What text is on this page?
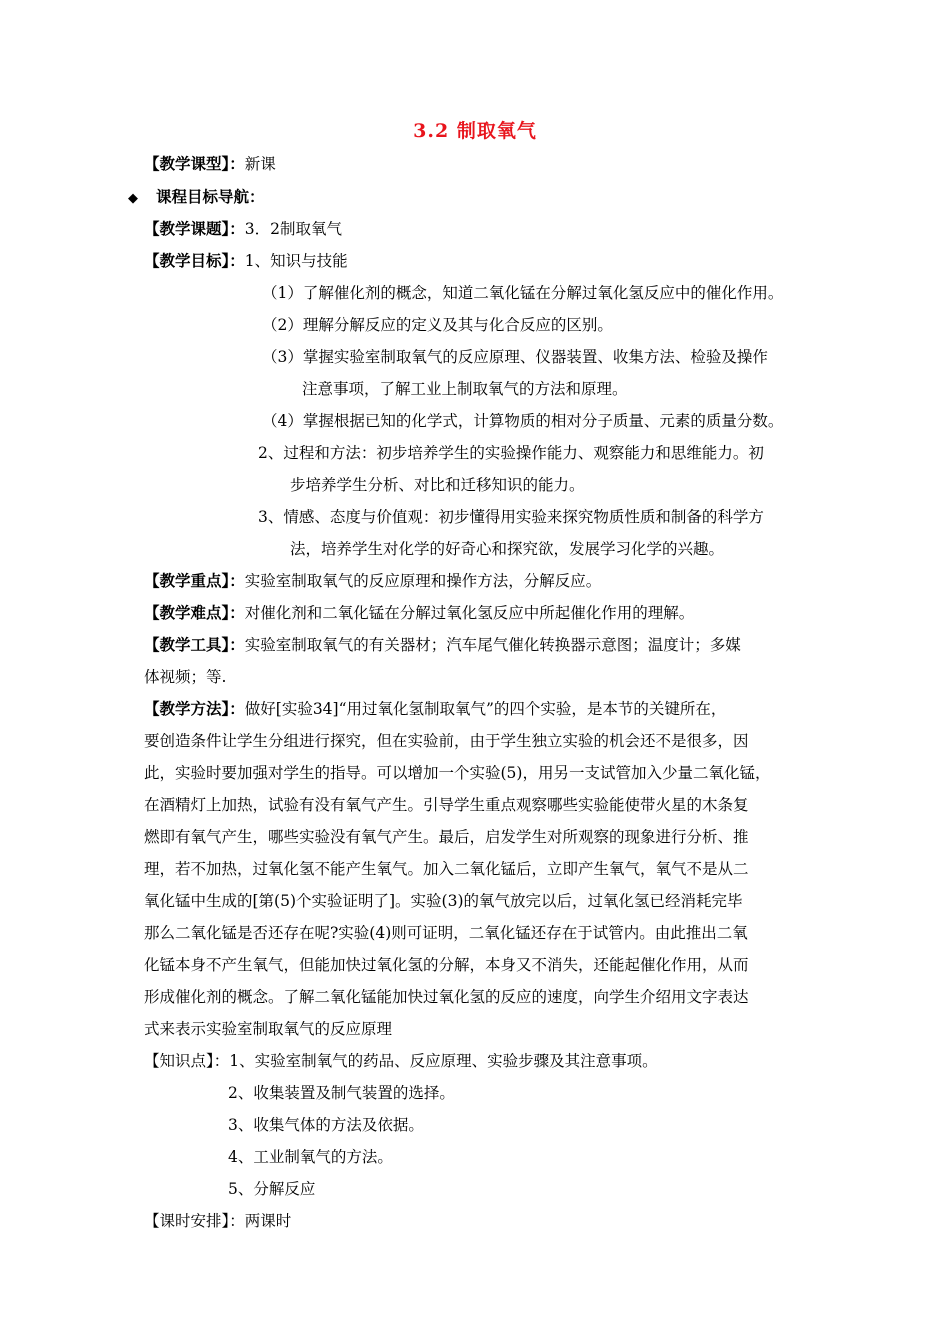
3.2 制取氧气
【教学课型】：新课
◆ 课程目标导航：
【教学课题】：3．2制取氧气
【教学目标】：1、知识与技能
（1）了解催化剂的概念，知道二氧化锰在分解过氧化氢反应中的催化作用。
（2）理解分解反应的定义及其与化合反应的区别。
（3）掌握实验室制取氧气的反应原理、仪器装置、收集方法、检验及操作
注意事项，了解工业上制取氧气的方法和原理。
（4）掌握根据已知的化学式，计算物质的相对分子质量、元素的质量分数。
2、过程和方法：初步培养学生的实验操作能力、观察能力和思维能力。初
步培养学生分析、对比和迁移知识的能力。
3、情感、态度与价值观：初步懂得用实验来探究物质性质和制备的科学方
法，培养学生对化学的好奇心和探究欲，发展学习化学的兴趣。
【教学重点】：实验室制取氧气的反应原理和操作方法，分解反应。
【教学难点】：对催化剂和二氧化锰在分解过氧化氢反应中所起催化作用的理解。
【教学工具】：实验室制取氧气的有关器材；汽车尾气催化转换器示意图；温度计；多媒
体视频；等.
【教学方法】：做好[实验34]“用过氧化氢制取氧气”的四个实验，是本节的关键所在，
要创造条件让学生分组进行探究，但在实验前，由于学生独立实验的机会还不是很多，因
此，实验时要加强对学生的指导。可以增加一个实验(5)，用另一支试管加入少量二氧化锰，
在酒精灯上加热，试验有没有氧气产生。引导学生重点观察哪些实验能使带火星的木条复
燃即有氧气产生，哪些实验没有氧气产生。最后，启发学生对所观察的现象进行分析、推
理，若不加热，过氧化氢不能产生氧气。加入二氧化锰后，立即产生氧气，氧气不是从二
氧化锰中生成的[第(5)个实验证明了]。实验(3)的氧气放完以后，过氧化氢已经消耗完毕
那么二氧化锰是否还存在呢?实验(4)则可证明，二氧化锰还存在于试管内。由此推出二氧
化锰本身不产生氧气，但能加快过氧化氢的分解，本身又不消失，还能起催化作用，从而
形成催化剂的概念。了解二氧化锰能加快过氧化氢的反应的速度，向学生介绍用文字表达
式来表示实验室制取氧气的反应原理
【知识点】：1、实验室制氧气的药品、反应原理、实验步骤及其注意事项。
2、收集装置及制气装置的选择。
3、收集气体的方法及依据。
4、工业制氧气的方法。
5、分解反应
【课时安排】：两课时
